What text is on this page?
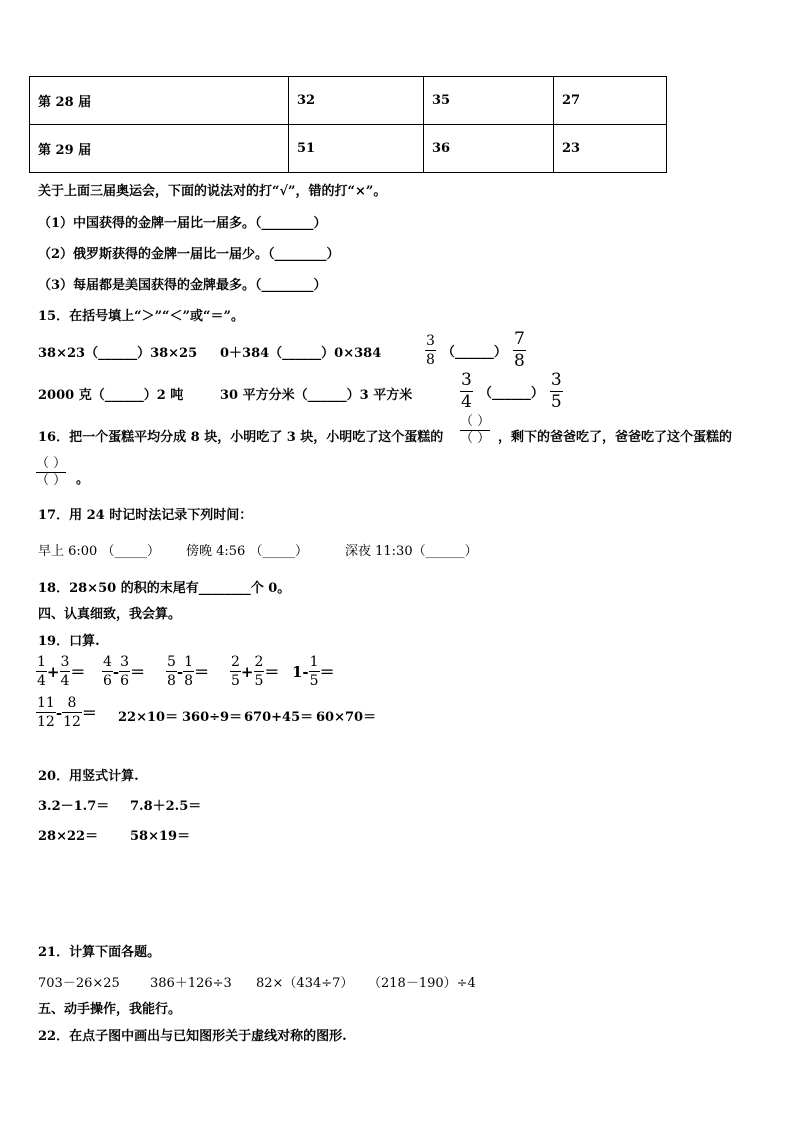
第 28 届	32	35	27
第 29 届	51	36	23
关于上面三届奥运会，下面的说法对的打“√”，错的打“×”。
（1）中国获得的金牌一届比一届多。（________）
（2）俄罗斯获得的金牌一届比一届少。（________）
（3）每届都是美国获得的金牌最多。（________）
15．在括号填上“＞”“＜”或“＝”。
38×23（______）38×25 0＋384（______）0×384	$\frac{3}{8}$ （______） $\frac{7}{8}$
2000 克（______）2 吨	30 平方分米（______）3 平方米	$\frac{3}{4}$ （______） $\frac{3}{5}$
16．把一个蛋糕平均分成 8 块，小明吃了 3 块，小明吃了这个蛋糕的
（ ）
（ ） ，剩下的爸爸吃了，爸爸吃了这个蛋糕的
（ ）
（ ） 。
17．用 24 时记时法记录下列时间：
早上 6:00 （_____） 傍晚 4:56 （_____）	深夜 11:30（______）
18．28×50 的积的末尾有________个 0。
四、认真细致，我会算。
19．口算.
$\frac{1}{4} + \frac{3}{4} = \frac{4}{6} - \frac{3}{6} = \frac{5}{8} - \frac{1}{8} = \frac{2}{5} + \frac{2}{5} = 1- \frac{1}{5}$ ＝
$\frac{11}{12} - \frac{8}{12} = 22\times 10= 360\div 9= 670+45= 60\times 70=$
20．用竖式计算.
3.2－1.7＝ 7.8＋2.5＝
28×22＝ 58×19＝
21．计算下面各题。
703－26×25 386＋126÷3 82×（434÷7） （218－190）÷4
五、动手操作，我能行。
22．在点子图中画出与已知图形关于虚线对称的图形.
